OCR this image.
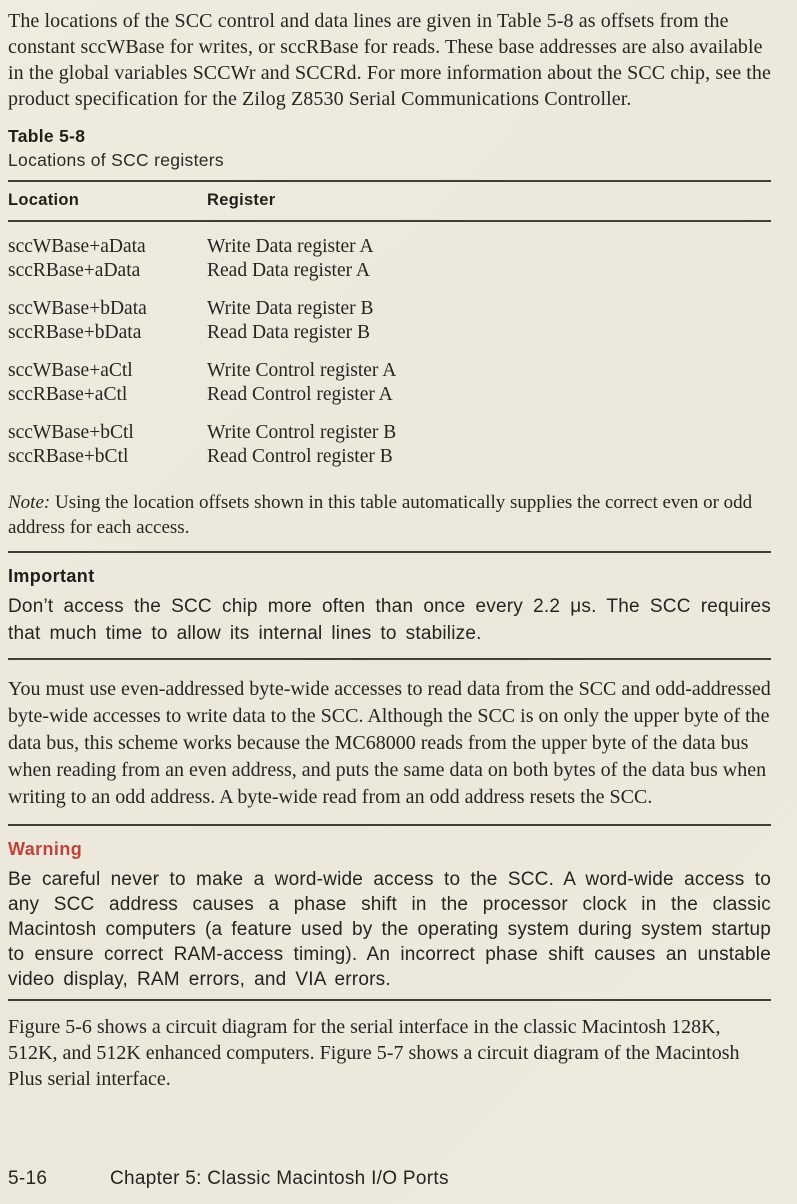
The locations of the SCC control and data lines are given in Table 5-8 as offsets from the constant sccWBase for writes, or sccRBase for reads. These base addresses are also available in the global variables SCCWr and SCCRd. For more information about the SCC chip, see the product specification for the Zilog Z8530 Serial Communications Controller.

Table 5-8
Locations of SCC registers
Location	Register
sccWBase+aData	Write Data register A
sccRBase+aData	Read Data register A
sccWBase+bData	Write Data register B
sccRBase+bData	Read Data register B
sccWBase+aCtl	Write Control register A
sccRBase+aCtl	Read Control register A
sccWBase+bCtl	Write Control register B
sccRBase+bCtl	Read Control register B

Note: Using the location offsets shown in this table automatically supplies the correct even or odd address for each access.

Important

Don’t access the SCC chip more often than once every 2.2 μs. The SCC requires that much time to allow its internal lines to stabilize.

You must use even-addressed byte-wide accesses to read data from the SCC and odd-addressed byte-wide accesses to write data to the SCC. Although the SCC is on only the upper byte of the data bus, this scheme works because the MC68000 reads from the upper byte of the data bus when reading from an even address, and puts the same data on both bytes of the data bus when writing to an odd address. A byte-wide read from an odd address resets the SCC.

Warning

Be careful never to make a word-wide access to the SCC. A word-wide access to any SCC address causes a phase shift in the processor clock in the classic Macintosh computers (a feature used by the operating system during system startup to ensure correct RAM-access timing). An incorrect phase shift causes an unstable video display, RAM errors, and VIA errors.

Figure 5-6 shows a circuit diagram for the serial interface in the classic Macintosh 128K, 512K, and 512K enhanced computers. Figure 5-7 shows a circuit diagram of the Macintosh Plus serial interface.

5-16	Chapter 5: Classic Macintosh I/O Ports
